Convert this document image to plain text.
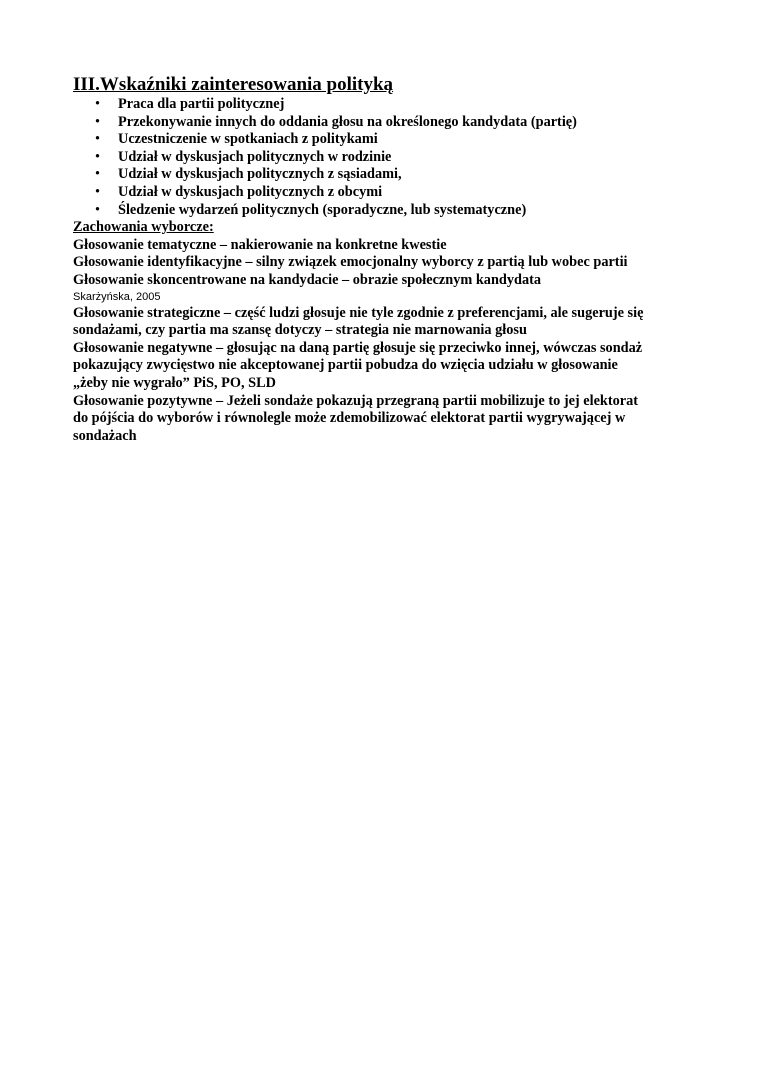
III.Wskaźniki zainteresowania polityką
• Praca dla partii politycznej
• Przekonywanie innych do oddania głosu na określonego kandydata (partię)
• Uczestniczenie w spotkaniach z politykami
• Udział w dyskusjach politycznych w rodzinie
• Udział w dyskusjach politycznych z sąsiadami,
• Udział w dyskusjach politycznych z obcymi
• Śledzenie wydarzeń politycznych (sporadyczne, lub systematyczne)

Zachowania wyborcze:

Głosowanie tematyczne – nakierowanie na konkretne kwestie

Głosowanie identyfikacyjne – silny związek emocjonalny wyborcy z partią lub wobec partii

Głosowanie skoncentrowane na kandydacie – obrazie społecznym kandydata

Skarżyńska, 2005

Głosowanie strategiczne – część ludzi głosuje nie tyle zgodnie z preferencjami, ale sugeruje się
sondażami, czy partia ma szansę dotyczy – strategia nie marnowania głosu

Głosowanie negatywne – głosując na daną partię głosuje się przeciwko innej, wówczas sondaż
pokazujący zwycięstwo nie akceptowanej partii pobudza do wzięcia udziału w głosowanie
„żeby nie wygrało” PiS, PO, SLD

Głosowanie pozytywne – Jeżeli sondaże pokazują przegraną partii mobilizuje to jej elektorat
do pójścia do wyborów i równolegle może zdemobilizować elektorat partii wygrywającej w
sondażach
